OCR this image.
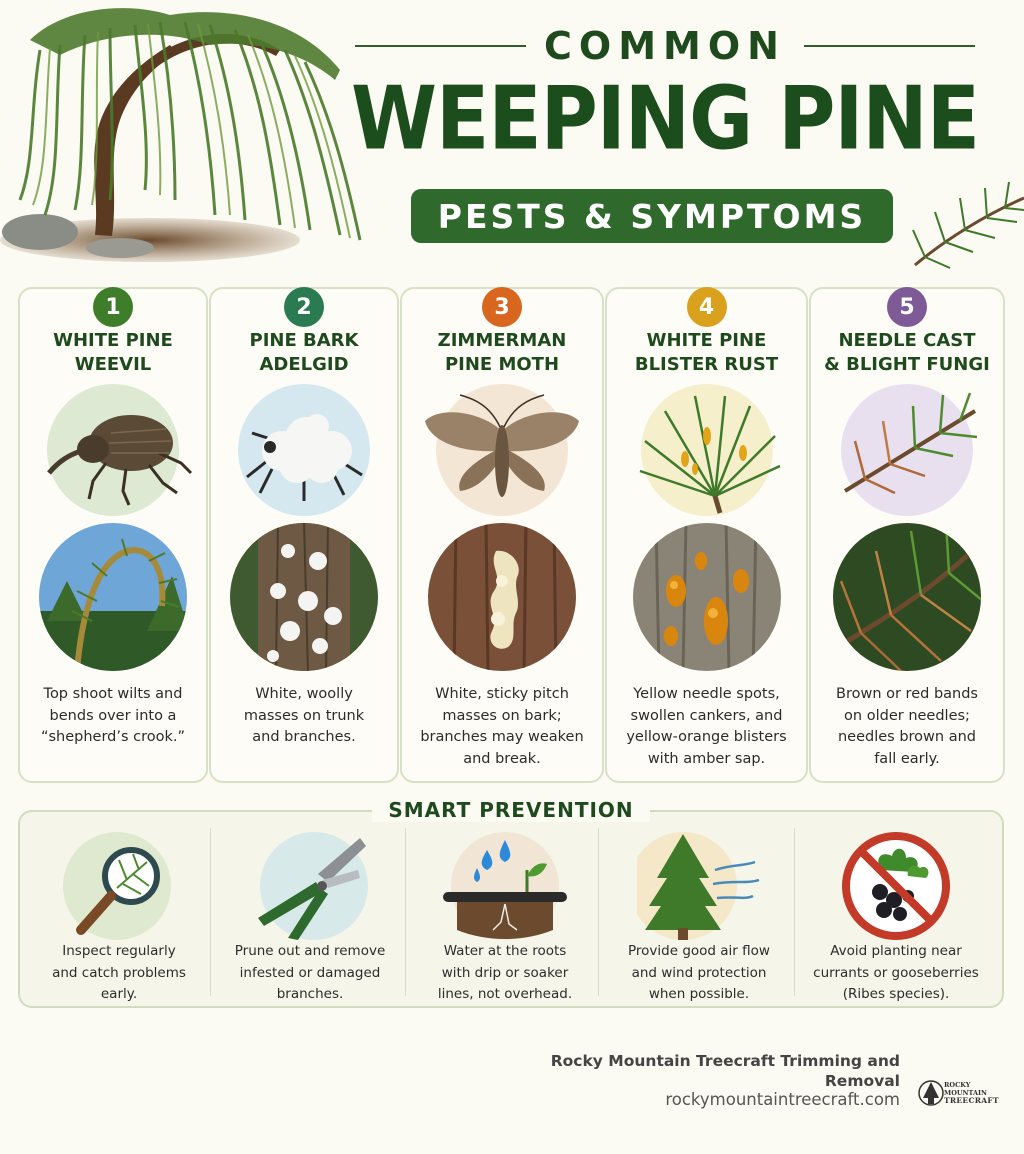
COMMON
WEEPING PINE
PESTS & SYMPTOMS
1
WHITE PINE
WEEVIL
Top shoot wilts and
bends over into a
“shepherd’s crook.”
2
PINE BARK
ADELGID
White, woolly
masses on trunk
and branches.
3
ZIMMERMAN
PINE MOTH
White, sticky pitch
masses on bark;
branches may weaken
and break.
4
WHITE PINE
BLISTER RUST
Yellow needle spots,
swollen cankers, and
yellow-orange blisters
with amber sap.
5
NEEDLE CAST
& BLIGHT FUNGI
Brown or red bands
on older needles;
needles brown and
fall early.
SMART PREVENTION
Inspect regularly
and catch problems
early.
Prune out and remove
infested or damaged
branches.
Water at the roots
with drip or soaker
lines, not overhead.
Provide good air flow
and wind protection
when possible.
Avoid planting near
currants or gooseberries
(Ribes species).
Rocky Mountain Treecraft Trimming and
Removal
rockymountaintreecraft.com
ROCKY MOUNTAIN
TREECRAFT
